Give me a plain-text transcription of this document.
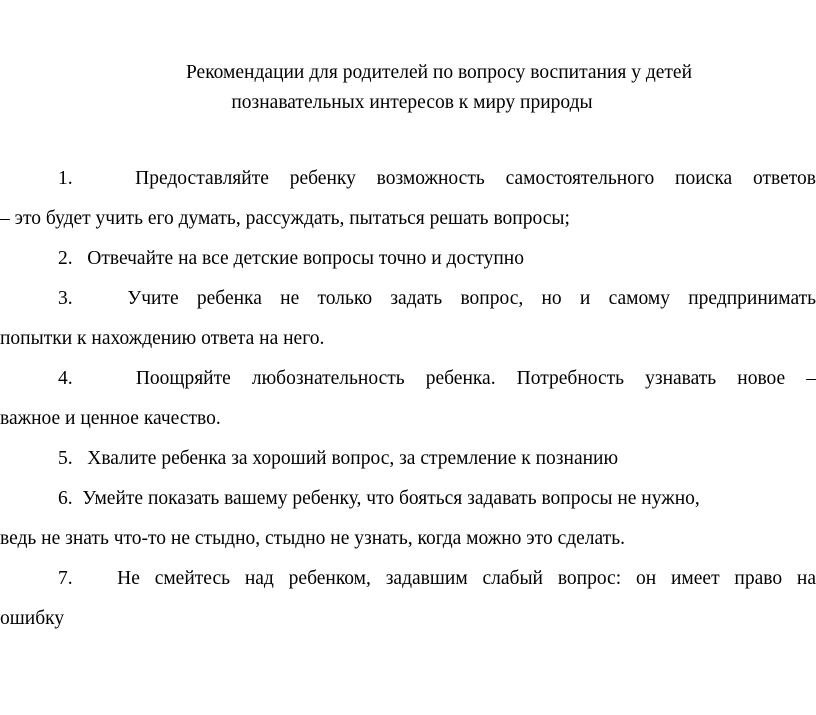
Рекомендации для родителей по вопросу воспитания у детей
познавательных интересов к миру природы
1.	Предоставляйте ребенку возможность самостоятельного поиска ответов
– это будет учить его думать, рассуждать, пытаться решать вопросы;
2. Отвечайте на все детские вопросы точно и доступно
3.	Учите ребенка не только задать вопрос, но и самому предпринимать
попытки к нахождению ответа на него.
4.	Поощряйте любознательность ребенка. Потребность узнавать новое –
важное и ценное качество.
5. Хвалите ребенка за хороший вопрос, за стремление к познанию
6. Умейте показать вашему ребенку, что бояться задавать вопросы не нужно,
ведь не знать что-то не стыдно, стыдно не узнать, когда можно это сделать.
7. Не смейтесь над ребенком, задавшим слабый вопрос: он имеет право на
ошибку
